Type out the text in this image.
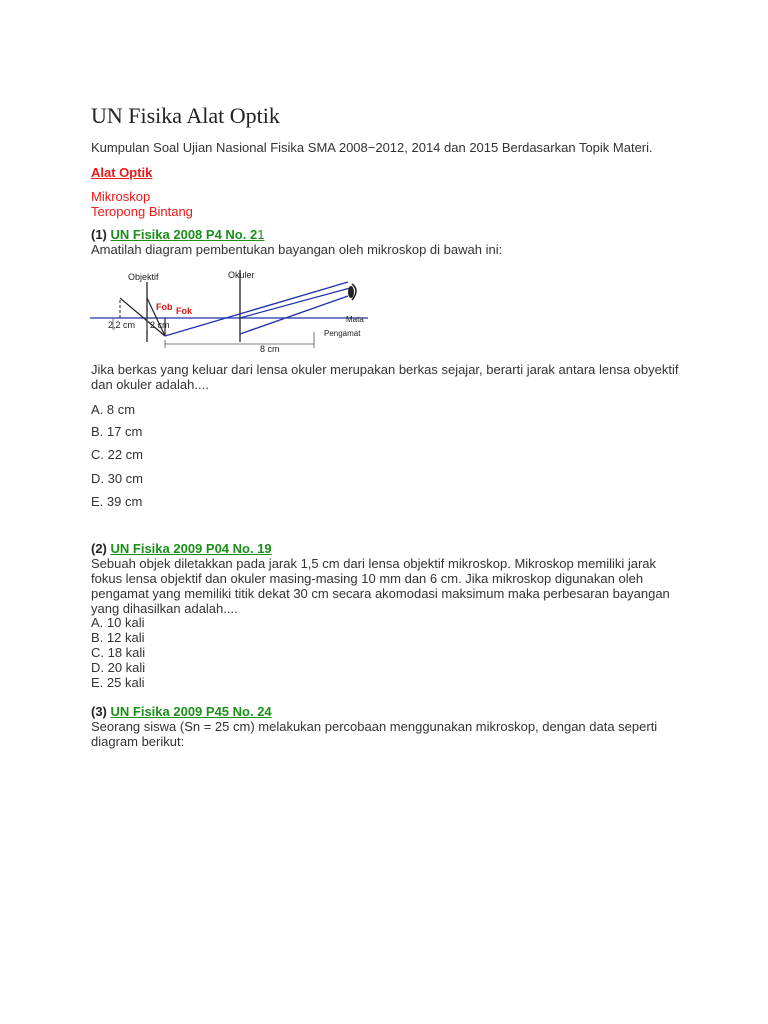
UN Fisika Alat Optik
Kumpulan Soal Ujian Nasional Fisika SMA 2008−2012, 2014 dan 2015 Berdasarkan Topik Materi.
Alat Optik
Mikroskop
Teropong Bintang
(1) UN Fisika 2008 P4 No. 21
Amatilah diagram pembentukan bayangan oleh mikroskop di bawah ini:
Objektif	Okuler
Fob Fok
2,2 cm 2 cm
8 cm
Mata
Pengamat
Jika berkas yang keluar dari lensa okuler merupakan berkas sejajar, berarti jarak antara lensa obyektif dan okuler adalah....
A. 8 cm
B. 17 cm
C. 22 cm
D. 30 cm
E. 39 cm
(2) UN Fisika 2009 P04 No. 19
Sebuah objek diletakkan pada jarak 1,5 cm dari lensa objektif mikroskop. Mikroskop memiliki jarak fokus lensa objektif dan okuler masing-masing 10 mm dan 6 cm. Jika mikroskop digunakan oleh pengamat yang memiliki titik dekat 30 cm secara akomodasi maksimum maka perbesaran bayangan yang dihasilkan adalah....
A. 10 kali
B. 12 kali
C. 18 kali
D. 20 kali
E. 25 kali
(3) UN Fisika 2009 P45 No. 24
Seorang siswa (Sn = 25 cm) melakukan percobaan menggunakan mikroskop, dengan data seperti diagram berikut:
